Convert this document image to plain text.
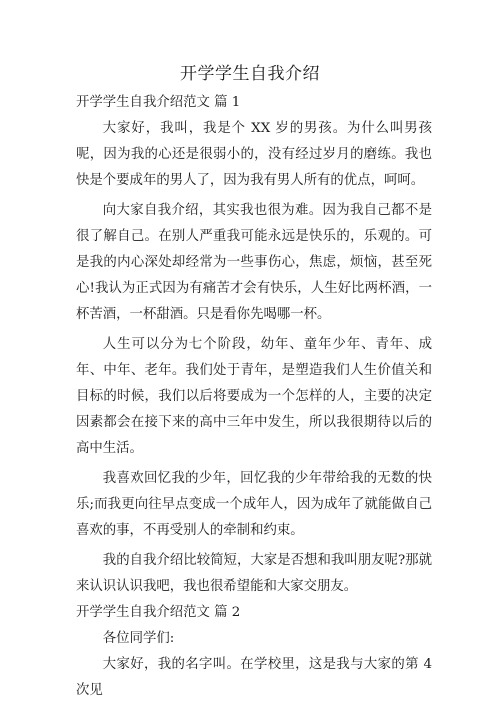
开学学生自我介绍
开学学生自我介绍范文 篇 1

大家好，我叫，我是个 XX 岁的男孩。为什么叫男孩呢，因为我的心还是很弱小的，没有经过岁月的磨练。我也快是个要成年的男人了，因为我有男人所有的优点，呵呵。

向大家自我介绍，其实我也很为难。因为我自己都不是很了解自己。在别人严重我可能永远是快乐的，乐观的。可是我的内心深处却经常为一些事伤心，焦虑，烦恼，甚至死心!我认为正式因为有痛苦才会有快乐，人生好比两杯酒，一杯苦酒，一杯甜酒。只是看你先喝哪一杯。

人生可以分为七个阶段，幼年、童年少年、青年、成年、中年、老年。我们处于青年，是塑造我们人生价值关和目标的时候，我们以后将要成为一个怎样的人，主要的决定因素都会在接下来的高中三年中发生，所以我很期待以后的高中生活。

我喜欢回忆我的少年，回忆我的少年带给我的无数的快乐;而我更向往早点变成一个成年人，因为成年了就能做自己喜欢的事，不再受别人的牵制和约束。

我的自我介绍比较简短，大家是否想和我叫朋友呢?那就来认识认识我吧，我也很希望能和大家交朋友。

开学学生自我介绍范文 篇 2

各位同学们:

大家好，我的名字叫。在学校里，这是我与大家的第 4 次见
